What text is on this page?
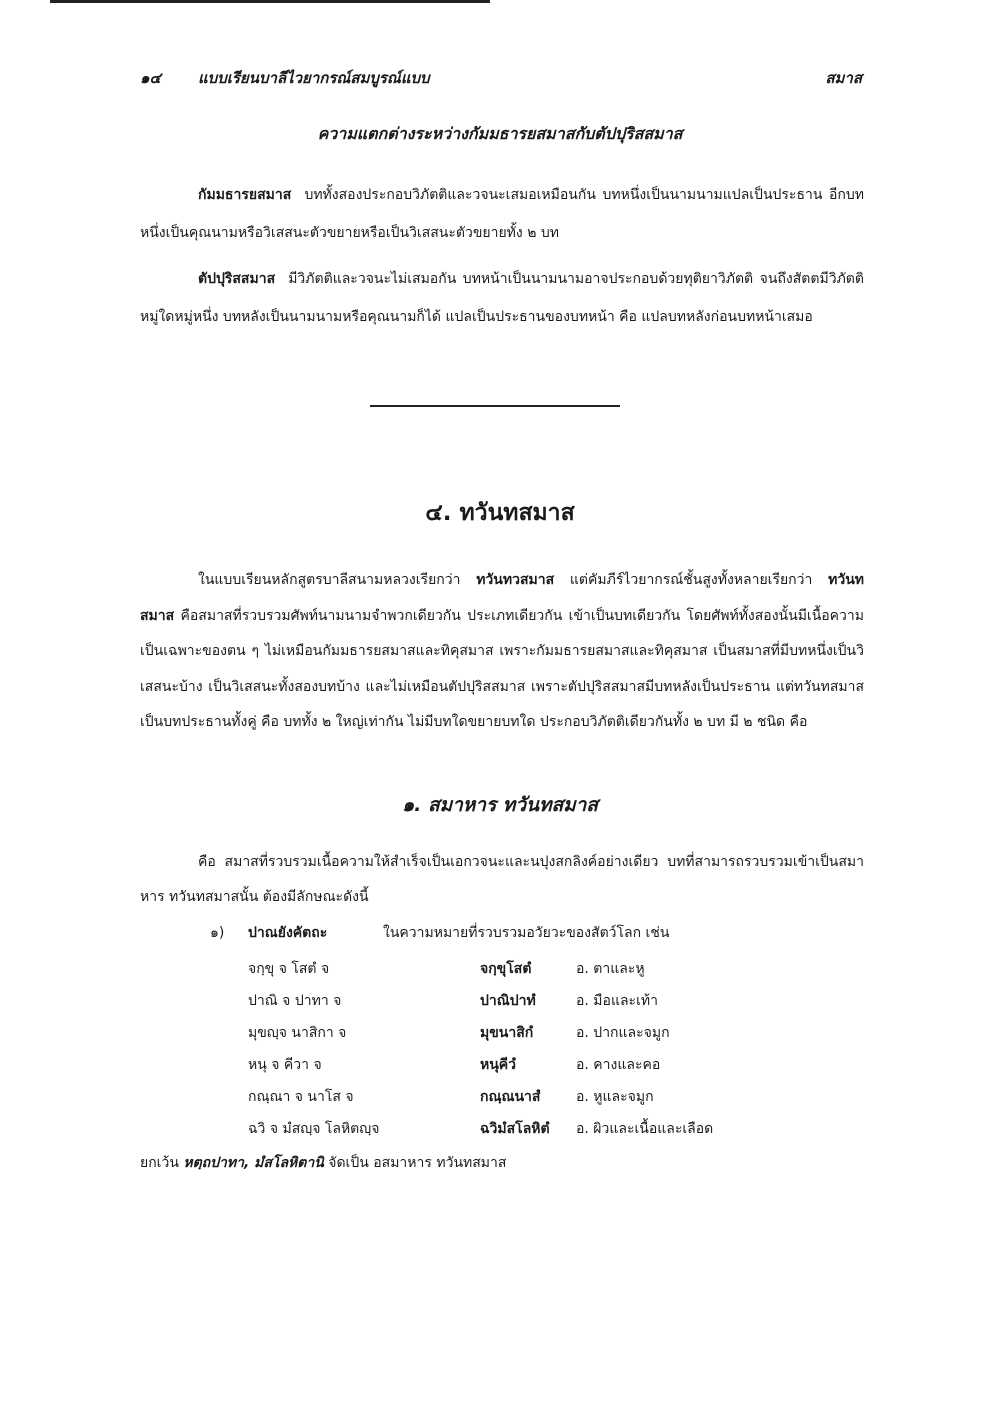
๑๔ แบบเรียนบาลีไวยากรณ์สมบูรณ์แบบ	สมาส
ความแตกต่างระหว่างกัมมธารยสมาสกับตัปปุริสสมาส
กัมมธารยสมาส บททั้งสองประกอบวิภัตติและวจนะเสมอเหมือนกัน บทหนึ่งเป็นนามนามแปลเป็นประธาน อีกบทหนึ่งเป็นคุณนามหรือวิเสสนะตัวขยายหรือเป็นวิเสสนะตัวขยายทั้ง ๒ บท
ตัปปุริสสมาส มีวิภัตติและวจนะไม่เสมอกัน บทหน้าเป็นนามนามอาจประกอบด้วยทุติยาวิภัตติ จนถึงสัตตมีวิภัตติหมู่ใดหมู่หนึ่ง บทหลังเป็นนามนามหรือคุณนามก็ได้ แปลเป็นประธานของบทหน้า คือ แปลบทหลังก่อนบทหน้าเสมอ
๔. ทวันทสมาส
ในแบบเรียนหลักสูตรบาลีสนามหลวงเรียกว่า ทวันทวสมาส แต่คัมภีร์ไวยากรณ์ชั้นสูงทั้งหลายเรียกว่า ทวันทสมาส คือสมาสที่รวบรวมศัพท์นามนามจำพวกเดียวกัน ประเภทเดียวกัน เข้าเป็นบทเดียวกัน โดยศัพท์ทั้งสองนั้นมีเนื้อความเป็นเฉพาะของตน ๆ ไม่เหมือนกัมมธารยสมาสและทิคุสมาส เพราะกัมมธารยสมาสและทิคุสมาส เป็นสมาสที่มีบทหนึ่งเป็นวิเสสนะบ้าง เป็นวิเสสนะทั้งสองบทบ้าง และไม่เหมือนตัปปุริสสมาส เพราะตัปปุริสสมาสมีบทหลังเป็นประธาน แต่ทวันทสมาส เป็นบทประธานทั้งคู่ คือ บททั้ง ๒ ใหญ่เท่ากัน ไม่มีบทใดขยายบทใด ประกอบวิภัตติเดียวกันทั้ง ๒ บท มี ๒ ชนิด คือ
๑. สมาหาร ทวันทสมาส
คือ สมาสที่รวบรวมเนื้อความให้สำเร็จเป็นเอกวจนะและนปุงสกลิงค์อย่างเดียว บทที่สามารถรวบรวมเข้าเป็นสมาหาร ทวันทสมาสนั้น ต้องมีลักษณะดังนี้
๑) ปาณยังคัตถะ	ในความหมายที่รวบรวมอวัยวะของสัตว์โลก เช่น
จกฺขุ จ โสตํ จ	จกฺขุโสตํ	อ. ตาและหู
ปาณิ จ ปาทา จ	ปาณิปาทํ	อ. มือและเท้า
มุขญฺจ นาสิกา จ	มุขนาสิกํ	อ. ปากและจมูก
หนุ จ คีวา จ	หนุคีวํ	อ. คางและคอ
กณฺณา จ นาโส จ	กณฺณนาสํ	อ. หูและจมูก
ฉวิ จ มํสญฺจ โลหิตญฺจ	ฉวิมํสโลหิตํ อ. ผิวและเนื้อและเลือด
ยกเว้น หตฺถปาทา, มํสโลหิตานิ จัดเป็น อสมาหาร ทวันทสมาส
